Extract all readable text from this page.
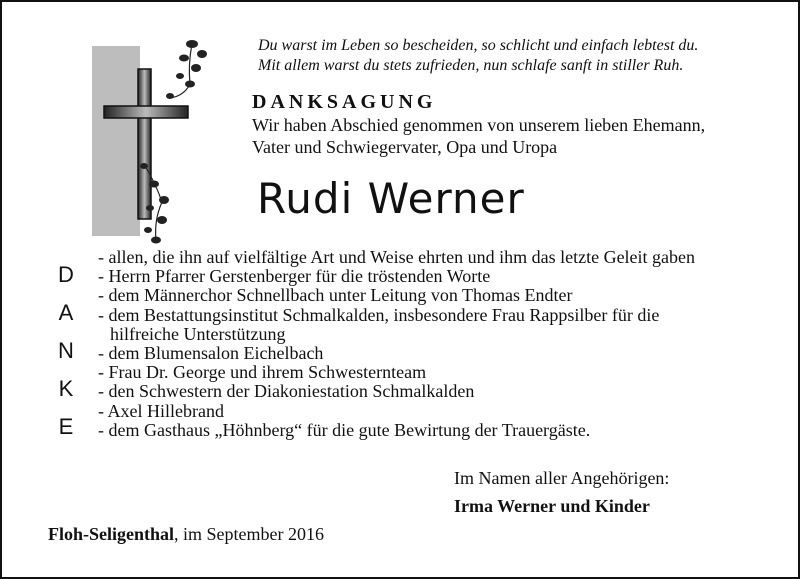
Du warst im Leben so bescheiden, so schlicht und einfach lebtest du.
Mit allem warst du stets zufrieden, nun schlafe sanft in stiller Ruh.
DANKSAGUNG
Wir haben Abschied genommen von unserem lieben Ehemann,
Vater und Schwiegervater, Opa und Uropa
Rudi Werner
D
A
N
K
E
- allen, die ihn auf vielfältige Art und Weise ehrten und ihm das letzte Geleit gaben
- Herrn Pfarrer Gerstenberger für die tröstenden Worte
- dem Männerchor Schnellbach unter Leitung von Thomas Endter
- dem Bestattungsinstitut Schmalkalden, insbesondere Frau Rappsilber für die
hilfreiche Unterstützung
- dem Blumensalon Eichelbach
- Frau Dr. George und ihrem Schwesternteam
- den Schwestern der Diakoniestation Schmalkalden
- Axel Hillebrand
- dem Gasthaus „Höhnberg“ für die gute Bewirtung der Trauergäste.
Im Namen aller Angehörigen:
Irma Werner und Kinder
Floh-Seligenthal, im September 2016
